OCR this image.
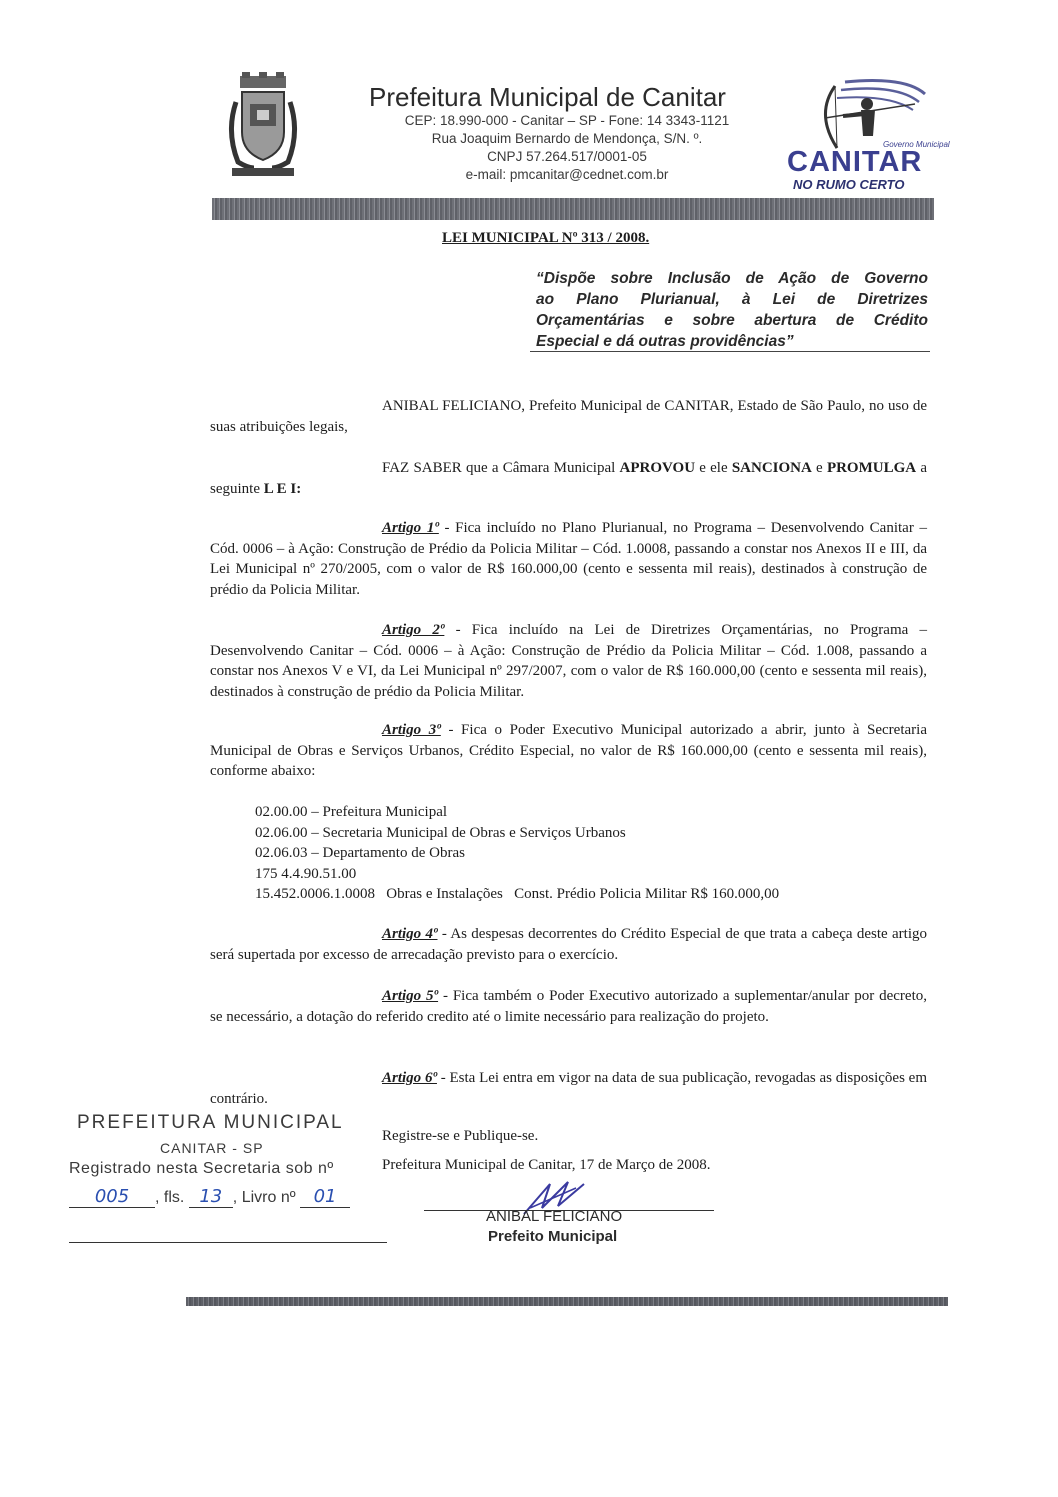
Prefeitura Municipal de Canitar
CEP: 18.990-000 - Canitar – SP - Fone: 14 3343-1121
Rua Joaquim Bernardo de Mendonça, S/N. º.
CNPJ 57.264.517/0001-05
e-mail: pmcanitar@cednet.com.br
Governo Municipal
CANITAR
NO RUMO CERTO
LEI MUNICIPAL Nº 313 / 2008.
“Dispõe sobre Inclusão de Ação de Governo
ao Plano Plurianual, à Lei de Diretrizes
Orçamentárias e sobre abertura de Crédito
Especial e dá outras providências”
ANIBAL FELICIANO, Prefeito Municipal de CANITAR, Estado de São Paulo, no uso de suas atribuições legais,
FAZ SABER que a Câmara Municipal APROVOU e ele SANCIONA e PROMULGA a seguinte L E I:
Artigo 1º - Fica incluído no Plano Plurianual, no Programa – Desenvolvendo Canitar – Cód. 0006 – à Ação: Construção de Prédio da Policia Militar – Cód. 1.0008, passando a constar nos Anexos II e III, da Lei Municipal nº 270/2005, com o valor de R$ 160.000,00 (cento e sessenta mil reais), destinados à construção de prédio da Policia Militar.
Artigo 2º - Fica incluído na Lei de Diretrizes Orçamentárias, no Programa – Desenvolvendo Canitar – Cód. 0006 – à Ação: Construção de Prédio da Policia Militar – Cód. 1.008, passando a constar nos Anexos V e VI, da Lei Municipal nº 297/2007, com o valor de R$ 160.000,00 (cento e sessenta mil reais), destinados à construção de prédio da Policia Militar.
Artigo 3º - Fica o Poder Executivo Municipal autorizado a abrir, junto à Secretaria Municipal de Obras e Serviços Urbanos, Crédito Especial, no valor de R$ 160.000,00 (cento e sessenta mil reais), conforme abaixo:
02.00.00 – Prefeitura Municipal
02.06.00 – Secretaria Municipal de Obras e Serviços Urbanos
02.06.03 – Departamento de Obras
175 4.4.90.51.00
15.452.0006.1.0008   Obras e Instalações   Const. Prédio Policia Militar R$ 160.000,00
Artigo 4º - As despesas decorrentes do Crédito Especial de que trata a cabeça deste artigo será supertada por excesso de arrecadação previsto para o exercício.
Artigo 5º - Fica também o Poder Executivo autorizado a suplementar/anular por decreto, se necessário, a dotação do referido credito até o limite necessário para realização do projeto.
Artigo 6º - Esta Lei entra em vigor na data de sua publicação, revogadas as disposições em contrário.
PREFEITURA MUNICIPAL
CANITAR - SP
Registrado nesta Secretaria sob nº
005 , fls. 13 , Livro nº 01
Registre-se e Publique-se.
Prefeitura Municipal de Canitar, 17 de Março de 2008.
ANIBAL FELICIANO
Prefeito Municipal
